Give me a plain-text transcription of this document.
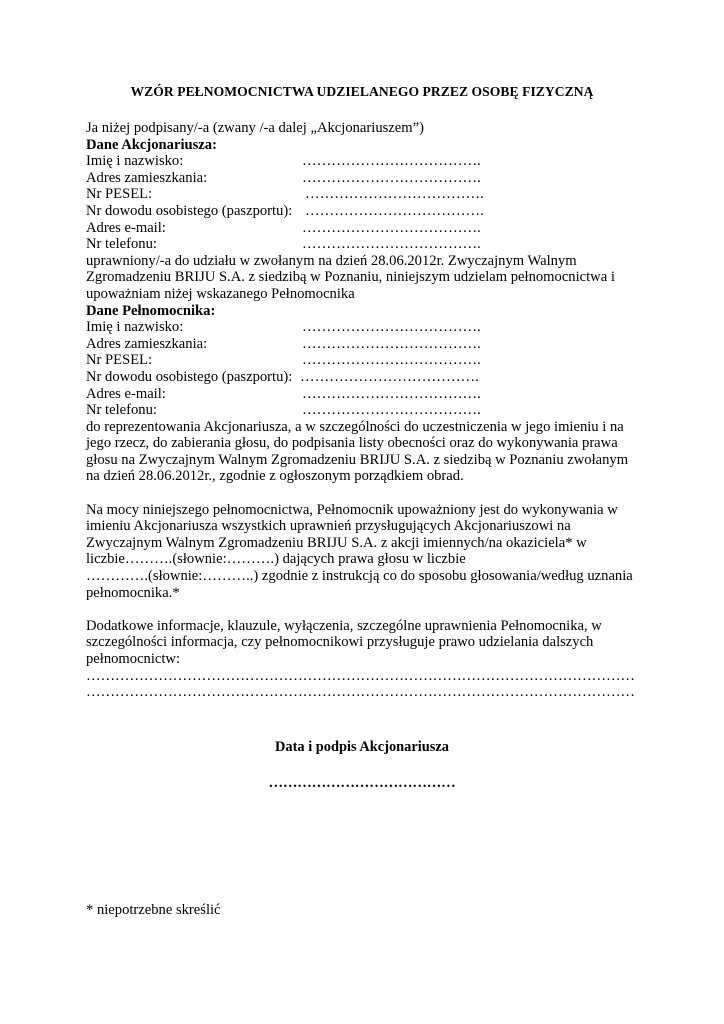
WZÓR PEŁNOMOCNICTWA UDZIELANEGO PRZEZ OSOBĘ FIZYCZNĄ
Ja niżej podpisany/-a (zwany /-a dalej „Akcjonariuszem”)
Dane Akcjonariusza:
Imię i nazwisko:	……………………………….
Adres zamieszkania:	……………………………….
Nr PESEL:	……………………………….
Nr dowodu osobistego (paszportu): ……………………………….
Adres e-mail:	……………………………….
Nr telefonu:	……………………………….
uprawniony/-a do udziału w zwołanym na dzień 28.06.2012r. Zwyczajnym Walnym
Zgromadzeniu BRIJU S.A. z siedzibą w Poznaniu, niniejszym udzielam pełnomocnictwa i
upoważniam niżej wskazanego Pełnomocnika
Dane Pełnomocnika:
Imię i nazwisko:	……………………………….
Adres zamieszkania:	……………………………….
Nr PESEL:	……………………………….
Nr dowodu osobistego (paszportu): ……………………………….
Adres e-mail:	……………………………….
Nr telefonu:	……………………………….
do reprezentowania Akcjonariusza, a w szczególności do uczestniczenia w jego imieniu i na
jego rzecz, do zabierania głosu, do podpisania listy obecności oraz do wykonywania prawa
głosu na Zwyczajnym Walnym Zgromadzeniu BRIJU S.A. z siedzibą w Poznaniu zwołanym
na dzień 28.06.2012r., zgodnie z ogłoszonym porządkiem obrad.
Na mocy niniejszego pełnomocnictwa, Pełnomocnik upoważniony jest do wykonywania w
imieniu Akcjonariusza wszystkich uprawnień przysługujących Akcjonariuszowi na
Zwyczajnym Walnym Zgromadzeniu BRIJU S.A. z akcji imiennych/na okaziciela* w
liczbie……….(słownie:……….) dających prawa głosu w liczbie
………….(słownie:………..) zgodnie z instrukcją co do sposobu głosowania/według uznania
pełnomocnika.*
Dodatkowe informacje, klauzule, wyłączenia, szczególne uprawnienia Pełnomocnika, w
szczególności informacja, czy pełnomocnikowi przysługuje prawo udzielania dalszych
pełnomocnictw:
……………………………………………………………………………………………………
……………………………………………………………………………………………………
Data i podpis Akcjonariusza
…………………………………
* niepotrzebne skreślić
